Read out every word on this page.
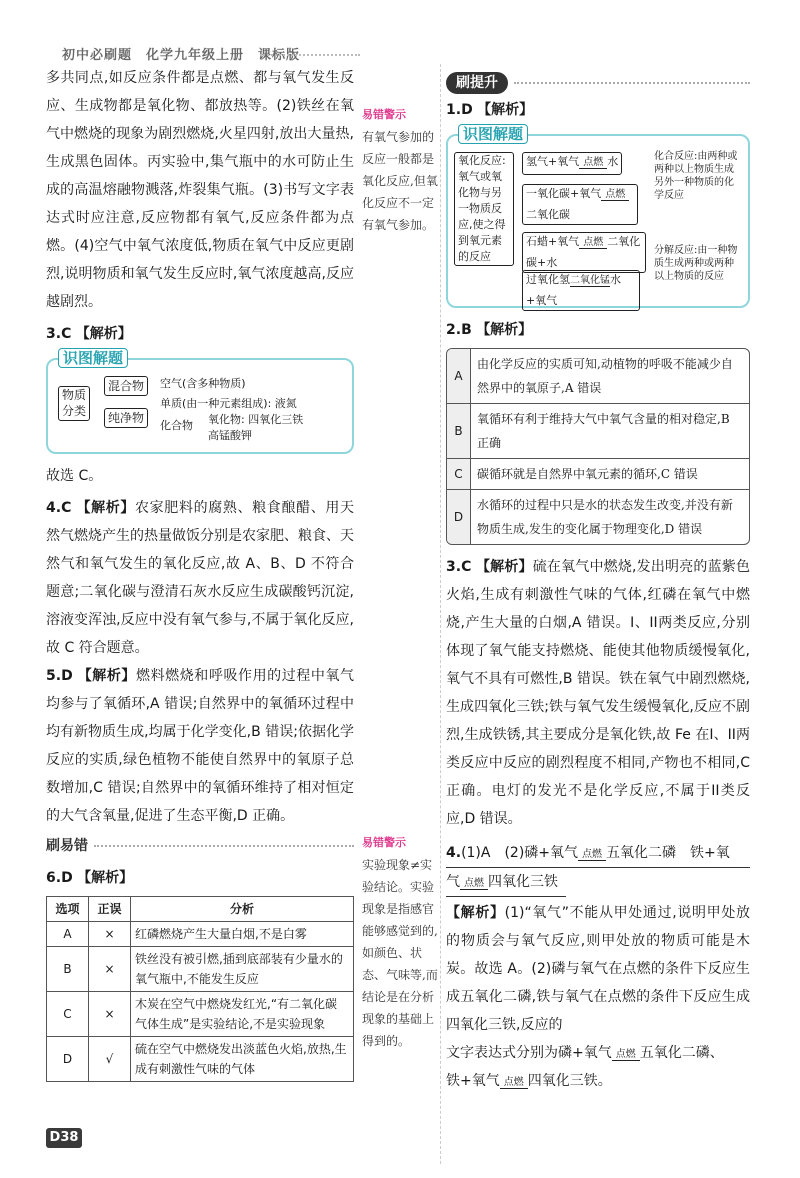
初中必刷题　化学九年级上册　课标版

多共同点,如反应条件都是点燃、都与氧气发生反应、生成物都是氧化物、都放热等。(2)铁丝在氧气中燃烧的现象为剧烈燃烧,火星四射,放出大量热,生成黑色固体。丙实验中,集气瓶中的水可防止生成的高温熔融物溅落,炸裂集气瓶。(3)书写文字表达式时应注意,反应物都有氧气,反应条件都为点燃。(4)空气中氧气浓度低,物质在氧气中反应更剧烈,说明物质和氧气发生反应时,氧气浓度越高,反应越剧烈。

3.C 【解析】
识图解题
物质分类
混合物	空气(含多种物质)
纯净物
单质(由一种元素组成): 液氮
化合物 氧化物: 四氧化三铁
高锰酸钾

故选 C。

4.C 【解析】农家肥料的腐熟、粮食酿醋、用天然气燃烧产生的热量做饭分别是农家肥、粮食、天然气和氧气发生的氧化反应,故 A、B、D 不符合题意;二氧化碳与澄清石灰水反应生成碳酸钙沉淀,溶液变浑浊,反应中没有氧气参与,不属于氧化反应,故 C 符合题意。

5.D 【解析】燃料燃烧和呼吸作用的过程中氧气均参与了氧循环,A 错误;自然界中的氧循环过程中均有新物质生成,均属于化学变化,B 错误;依据化学反应的实质,绿色植物不能使自然界中的氧原子总数增加,C 错误;自然界中的氧循环维持了相对恒定的大气含氧量,促进了生态平衡,D 正确。

刷易错
6.D 【解析】
选项	正误	分析
A	×	红磷燃烧产生大量白烟,不是白雾
B	×	铁丝没有被引燃,插到底部装有少量水的氧气瓶中,不能发生反应
C	×	木炭在空气中燃烧发红光,“有二氧化碳气体生成”是实验结论,不是实验现象
D	√	硫在空气中燃烧发出淡蓝色火焰,放热,生成有刺激性气味的气体
易错警示
有氧气参加的反应一般都是氧化反应,但氧化反应不一定有氧气参加。
易错警示
实验现象≠实验结论。实验现象是指感官能够感觉到的,如颜色、状态、气味等,而结论是在分析现象的基础上得到的。
刷提升
1.D 【解析】
识图解题
氧化反应:氧气或氧化物与另一物质反应,使之得到氧元素的反应
氢气+氧气 点燃 水
一氧化碳+氧气 点燃
二氧化碳
石蜡+氧气 点燃 二氧化碳+水
过氧化氢 二氧化锰 水+氧气
化合反应:由两种或两种以上物质生成另外一种物质的化学反应
分解反应:由一种物质生成两种或两种以上物质的反应
2.B 【解析】
A
由化学反应的实质可知,动植物的呼吸不能减少自然界中的氧原子,A 错误
B
氧循环有利于维持大气中氧气含量的相对稳定,B 正确
C	碳循环就是自然界中氧元素的循环,C 错误
D
水循环的过程中只是水的状态发生改变,并没有新物质生成,发生的变化属于物理变化,D 错误

3.C 【解析】硫在氧气中燃烧,发出明亮的蓝紫色火焰,生成有刺激性气味的气体,红磷在氧气中燃烧,产生大量的白烟,A 错误。I、II两类反应,分别体现了氧气能支持燃烧、能使其他物质缓慢氧化,氧气不具有可燃性,B 错误。铁在氧气中剧烈燃烧,生成四氧化三铁;铁与氧气发生缓慢氧化,反应不剧烈,生成铁锈,其主要成分是氧化铁,故 Fe 在I、II两类反应中反应的剧烈程度不相同,产物也不相同,C 正确。电灯的发光不是化学反应,不属于II类反应,D 错误。

4.(1)A　(2)磷+氧气 点燃 五氧化二磷　铁+氧
气 点燃 四氧化三铁

【解析】(1)“氧气”不能从甲处通过,说明甲处放的物质会与氧气反应,则甲处放的物质可能是木炭。故选 A。(2)磷与氧气在点燃的条件下反应生成五氧化二磷,铁与氧气在点燃的条件下反应生成四氧化三铁,反应的

文字表达式分别为磷+氧气 点燃 五氧化二磷、

铁+氧气 点燃 四氧化三铁。

D38
